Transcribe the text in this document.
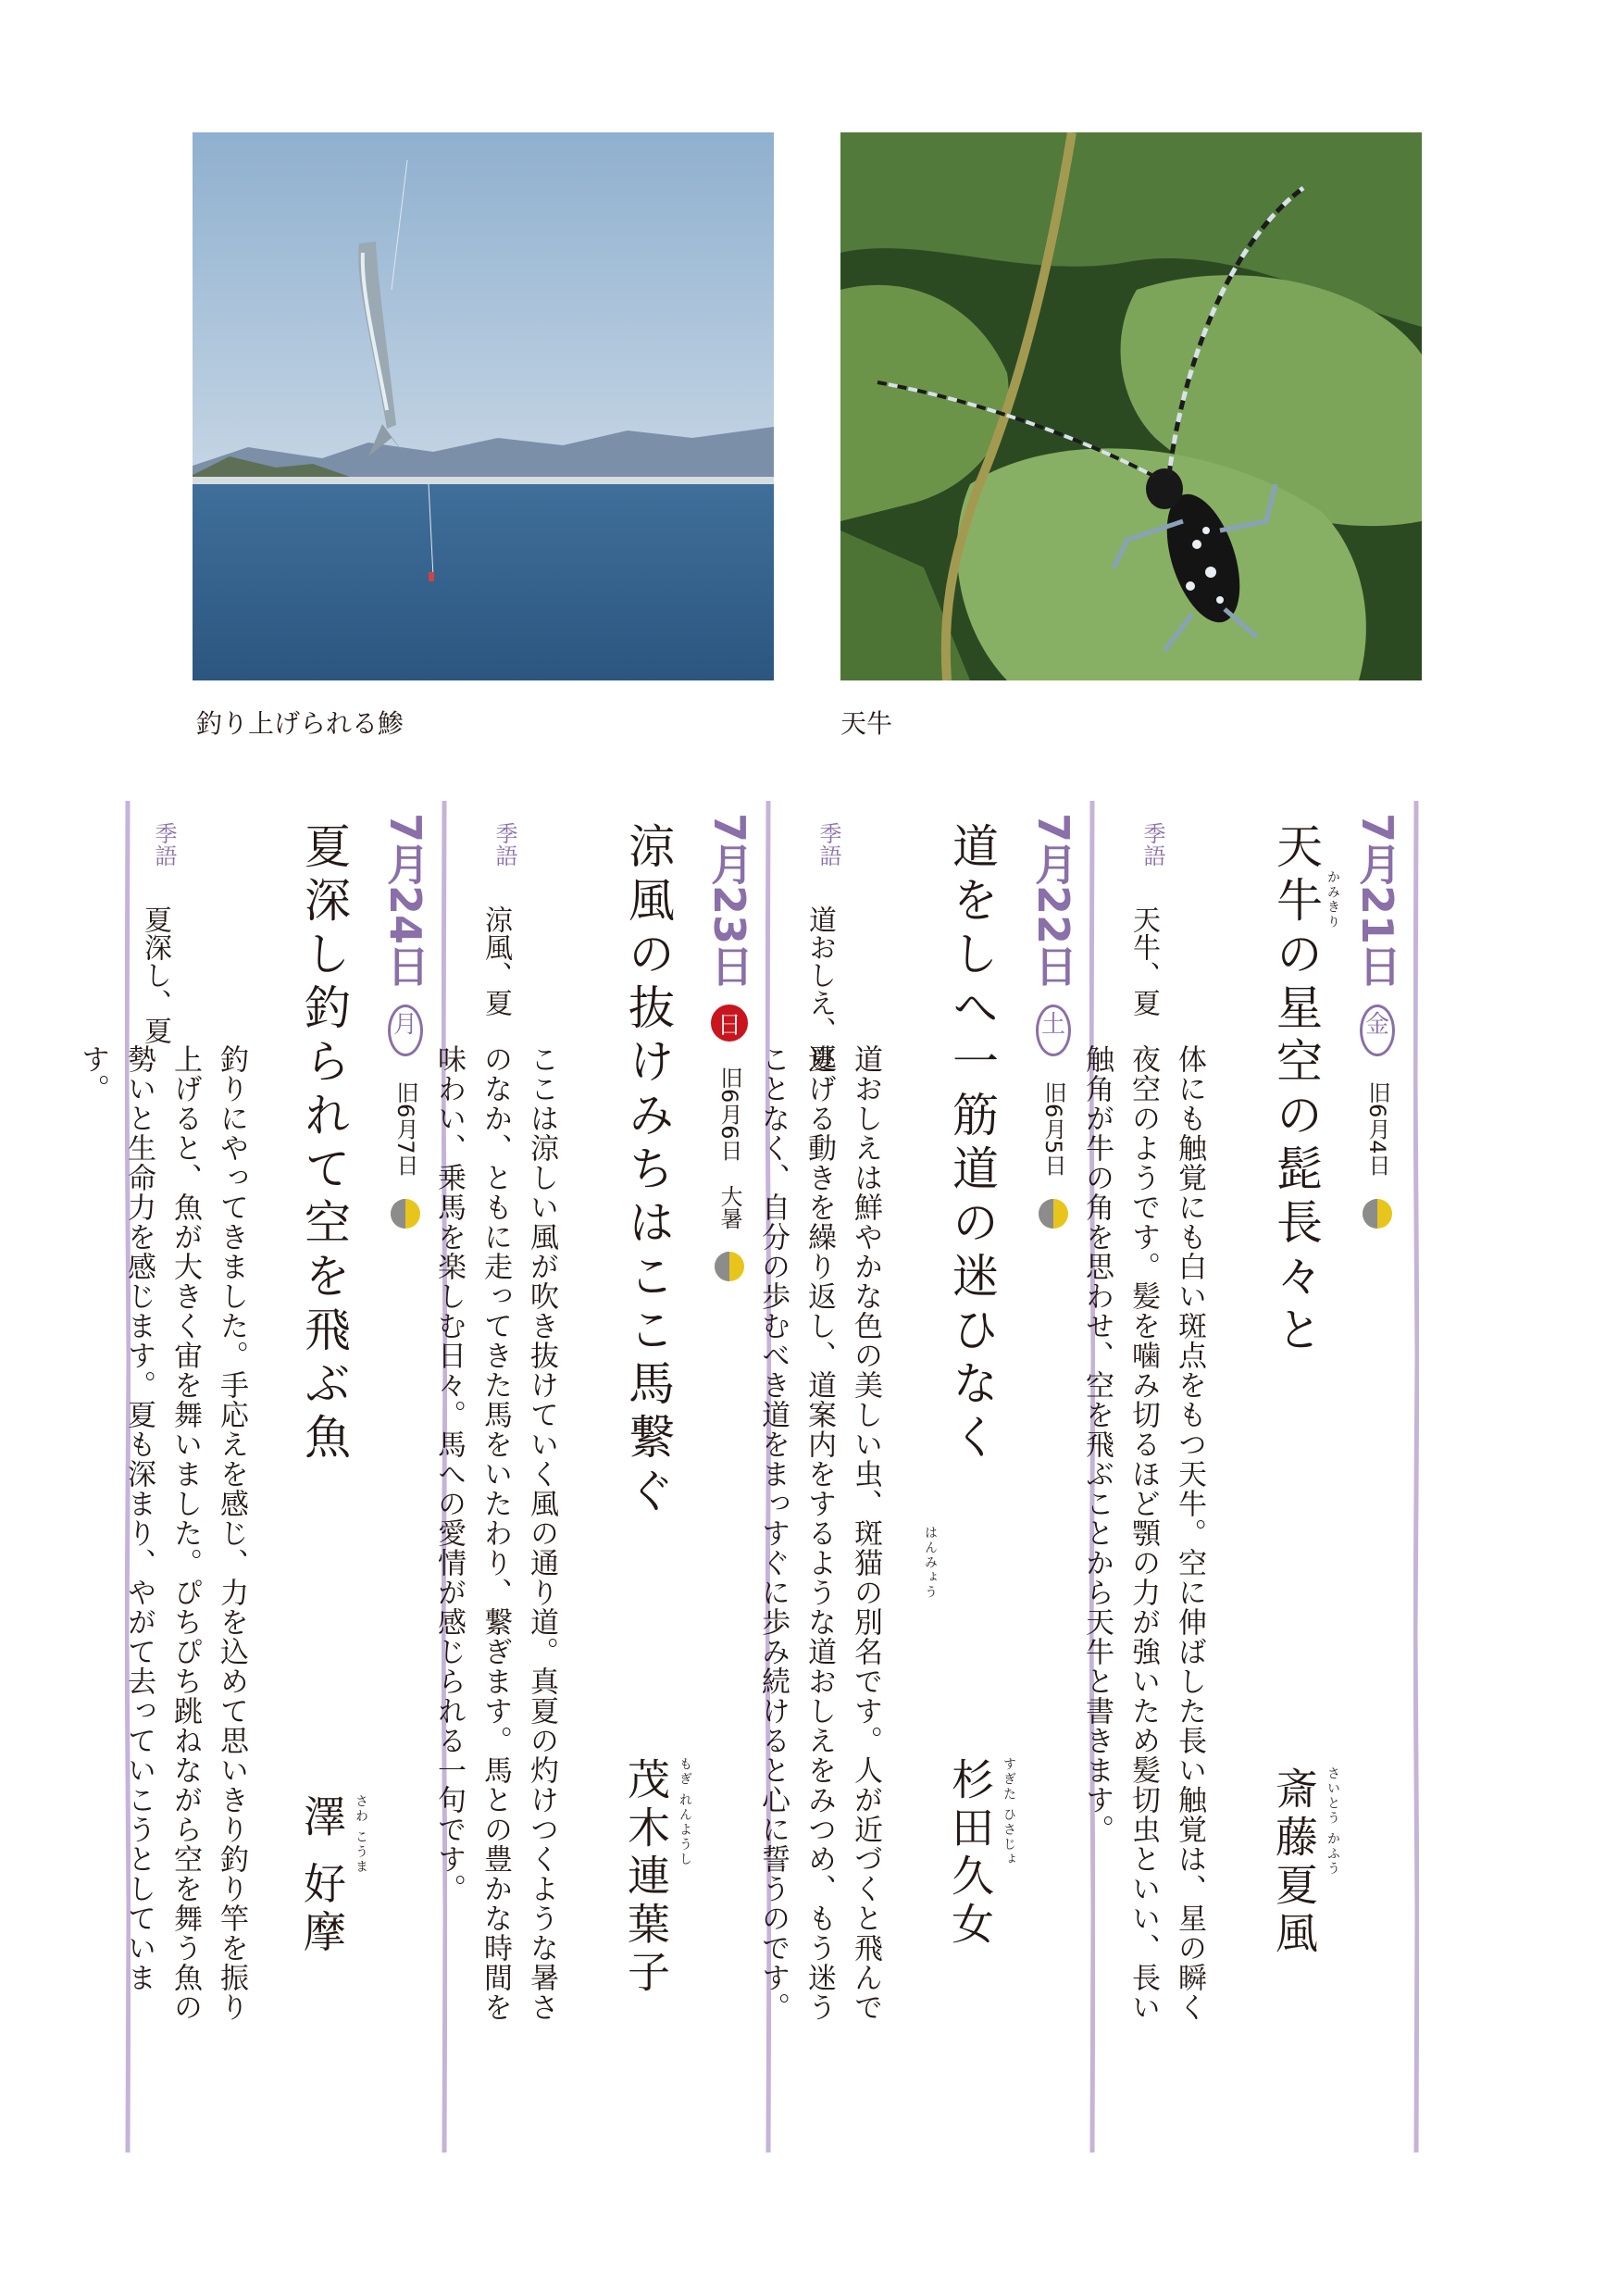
釣り上げられる鯵	天牛
7月21日 金 旧6月4日
天牛の星空の髭長々と かみきり
季語
天牛、夏
体にも触覚にも白い斑点をもつ天牛。空に伸ばした長い触覚は、星の瞬く夜空のようです。髪を噛み切るほど顎の力が強いため髪切虫といい、長い触角が牛の角を思わせ、空を飛ぶことから天牛と書きます。
斎藤夏風 さいとう かふう
7月22日 土 旧6月5日
道をしへ一筋道の迷ひなく
季語
道おしえ、夏
道おしえは鮮やかな色の美しい虫、斑猫の別名です。人が近づくと飛んで逃げる動きを繰り返し、道案内をするような道おしえをみつめ、もう迷うことなく、自分の歩むべき道をまっすぐに歩み続けると心に誓うのです。	はんみょう
杉田久女 すぎた ひさじょ
7月23日 日 旧6月6日 大暑
涼風の抜けみちはここ馬繋ぐ
季語
涼風、夏
ここは涼しい風が吹き抜けていく風の通り道。真夏の灼けつくような暑さのなか、ともに走ってきた馬をいたわり、繋ぎます。馬との豊かな時間を味わい、乗馬を楽しむ日々。馬への愛情が感じられる一句です。	茂木連葉子 もぎ れんようし
7月24日 月 旧6月7日
夏深し釣られて空を飛ぶ魚
季語
夏深し、夏
釣りにやってきました。手応えを感じ、力を込めて思いきり釣り竿を振り上げると、魚が大きく宙を舞いました。ぴちぴち跳ねながら空を舞う魚の勢いと生命力を感じます。夏も深まり、やがて去っていこうとしています。
澤 好摩 さわ こうま
